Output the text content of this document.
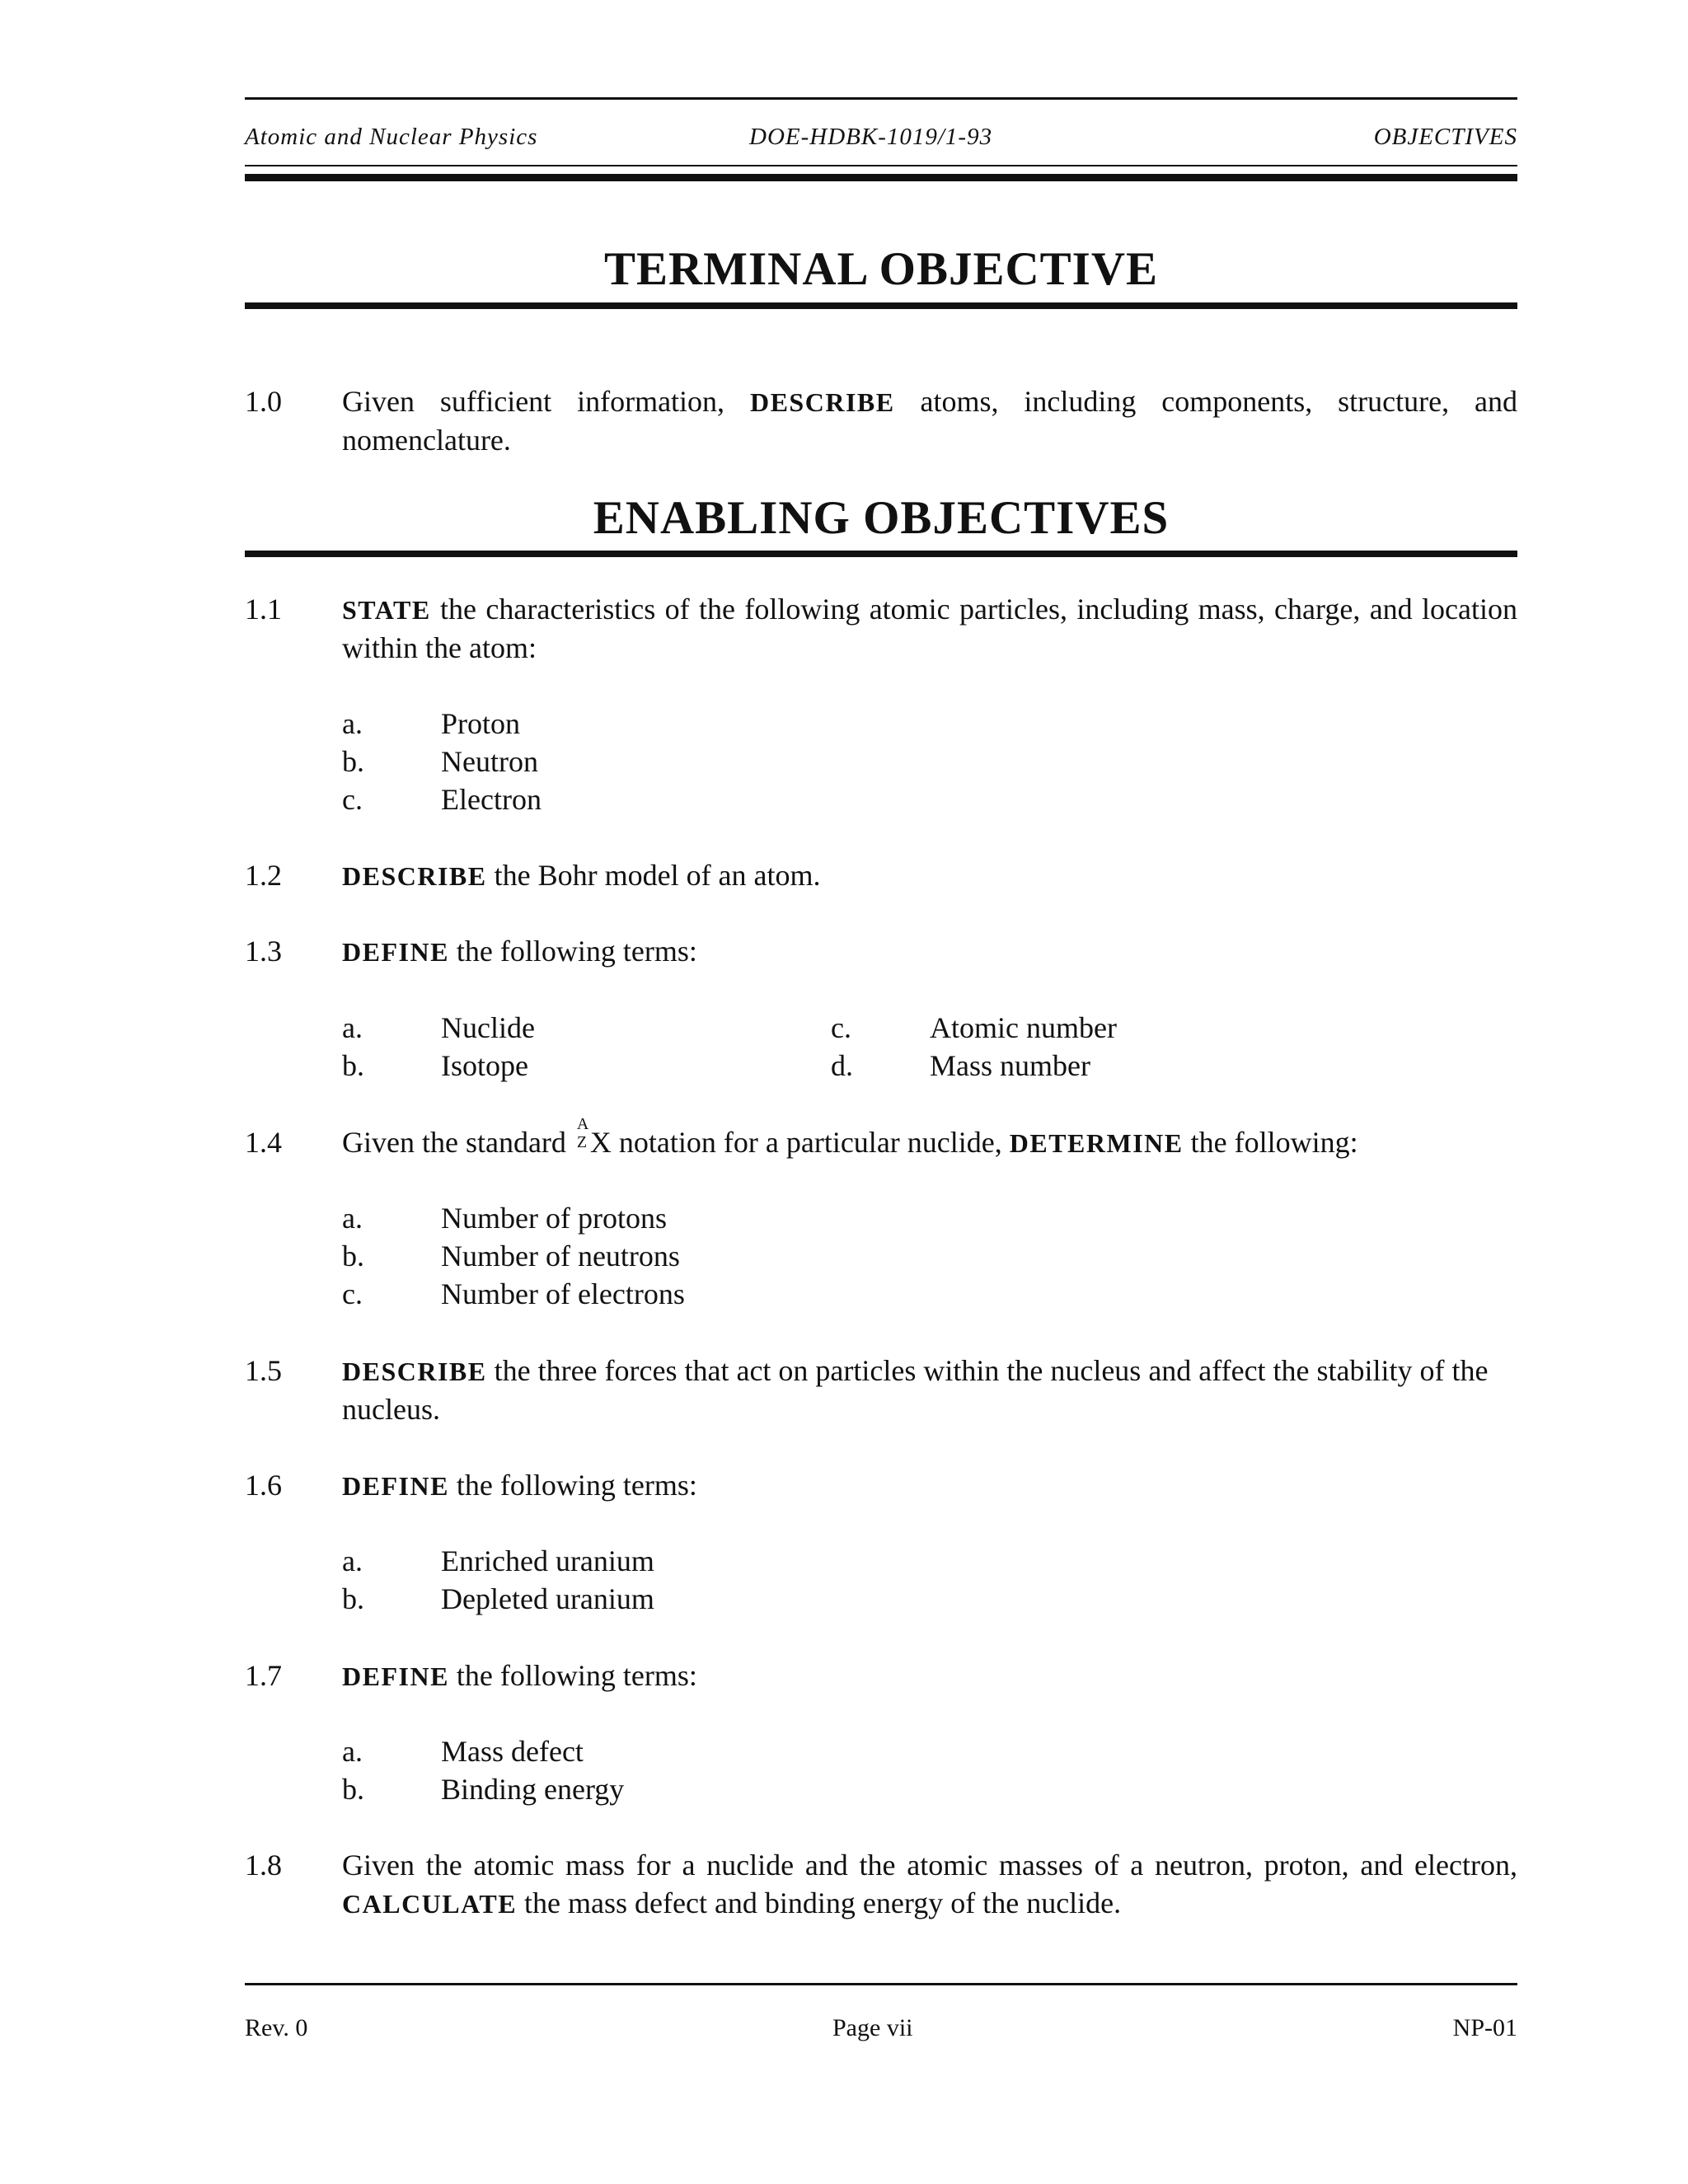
Atomic and Nuclear Physics	DOE-HDBK-1019/1-93	OBJECTIVES
TERMINAL OBJECTIVE
1.0 Given sufficient information, DESCRIBE atoms, including components, structure, and nomenclature.
ENABLING OBJECTIVES
1.1 STATE the characteristics of the following atomic particles, including mass, charge, and location within the atom:
a.	Proton
b.	Neutron
c.	Electron
1.2 DESCRIBE the Bohr model of an atom.
1.3 DEFINE the following terms:
a.	Nuclide
b.	Isotope
c.	Atomic number
d.	Mass number
1.4 Given the standard
A
Z X notation for a particular nuclide, DETERMINE the following:
a.	Number of protons
b.	Number of neutrons
c.	Number of electrons
1.5 DESCRIBE the three forces that act on particles within the nucleus and affect the stability of the nucleus.
1.6 DEFINE the following terms:
a.	Enriched uranium
b.	Depleted uranium
1.7 DEFINE the following terms:
a.	Mass defect
b.	Binding energy
1.8 Given the atomic mass for a nuclide and the atomic masses of a neutron, proton, and electron, CALCULATE the mass defect and binding energy of the nuclide.
Rev. 0	Page vii	NP-01
